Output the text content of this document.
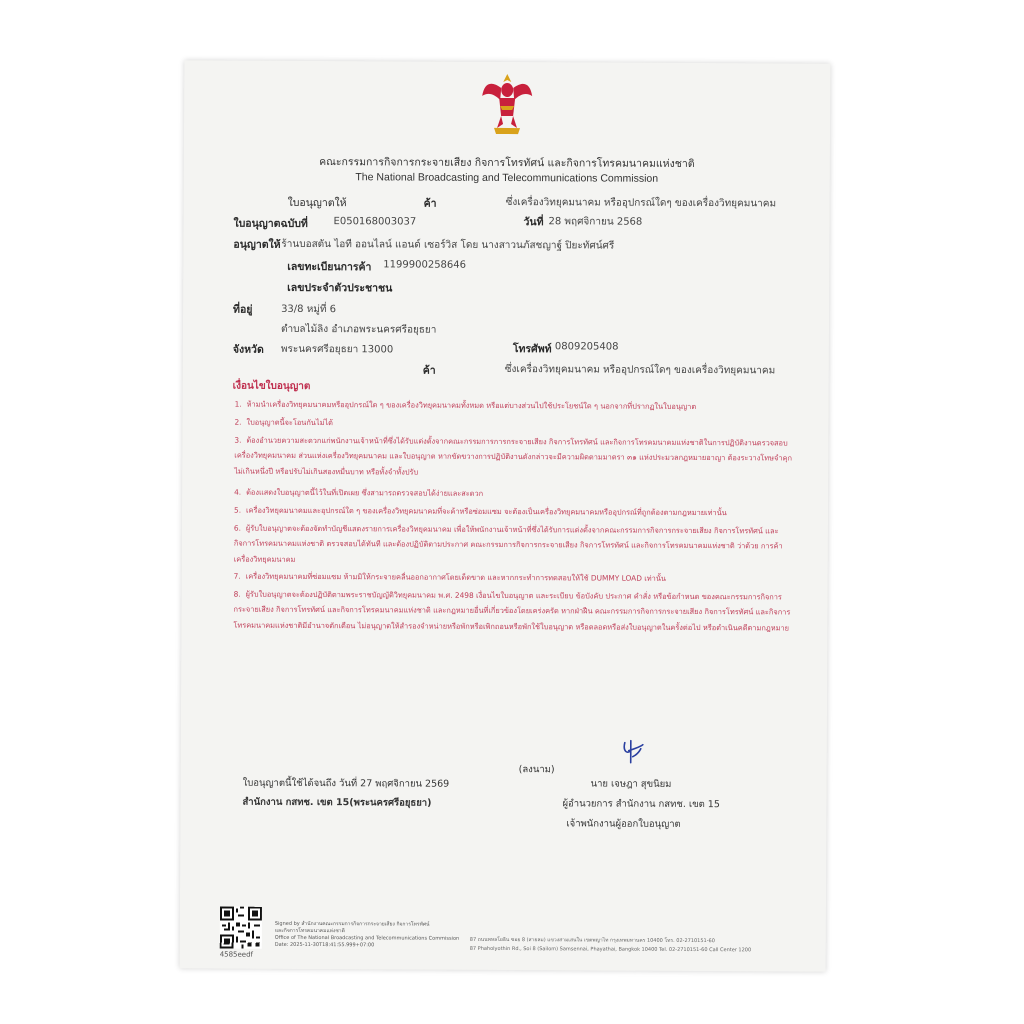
คณะกรรมการกิจการกระจายเสียง กิจการโทรทัศน์ และกิจการโทรคมนาคมแห่งชาติ
The National Broadcasting and Telecommunications Commission
ใบอนุญาตให้	ค้า	ซึ่งเครื่องวิทยุคมนาคม หรืออุปกรณ์ใดๆ ของเครื่องวิทยุคมนาคม
ใบอนุญาตฉบับที่	E050168003037	วันที่ 28 พฤศจิกายน 2568
อนุญาตให้ ร้านบอสตัน ไอที ออนไลน์ แอนด์ เซอร์วิส โดย นางสาวนภัสชญาฐ์ ปิยะทัศน์ศรี
เลขทะเบียนการค้า 1199900258646
เลขประจำตัวประชาชน
ที่อยู่	33/8 หมู่ที่ 6
ตำบลไม้ลิง อำเภอพระนครศรีอยุธยา
จังหวัด พระนครศรีอยุธยา 13000	โทรศัพท์ 0809205408
ค้า	ซึ่งเครื่องวิทยุคมนาคม หรืออุปกรณ์ใดๆ ของเครื่องวิทยุคมนาคม
เงื่อนไขใบอนุญาต
1. ห้ามนำเครื่องวิทยุคมนาคมหรืออุปกรณ์ใด ๆ ของเครื่องวิทยุคมนาคมทั้งหมด หรือแต่บางส่วนไปใช้ประโยชน์ใด ๆ นอกจากที่ปรากฏในใบอนุญาต
2. ใบอนุญาตนี้จะโอนกันไม่ได้
3. ต้องอำนวยความสะดวกแก่พนักงานเจ้าหน้าที่ซึ่งได้รับแต่งตั้งจากคณะกรรมการการกระจายเสียง กิจการโทรทัศน์ และกิจการโทรคมนาคมแห่งชาติในการปฏิบัติงานตรวจสอบเครื่องวิทยุคมนาคม ส่วนแห่งเครื่องวิทยุคมนาคม และใบอนุญาต หากขัดขวางการปฏิบัติงานดังกล่าวจะมีความผิดตามมาตรา ๓๑ แห่งประมวลกฎหมายอาญา ต้องระวางโทษจำคุกไม่เกินหนึ่งปี หรือปรับไม่เกินสองหมื่นบาท หรือทั้งจำทั้งปรับ
4. ต้องแสดงใบอนุญาตนี้ไว้ในที่เปิดเผย ซึ่งสามารถตรวจสอบได้ง่ายและสะดวก
5. เครื่องวิทยุคมนาคมและอุปกรณ์ใด ๆ ของเครื่องวิทยุคมนาคมที่จะค้าหรือซ่อมแซม จะต้องเป็นเครื่องวิทยุคมนาคมหรืออุปกรณ์ที่ถูกต้องตามกฎหมายเท่านั้น
6. ผู้รับใบอนุญาตจะต้องจัดทำบัญชีแสดงรายการเครื่องวิทยุคมนาคม เพื่อให้พนักงานเจ้าหน้าที่ซึ่งได้รับการแต่งตั้งจากคณะกรรมการกิจการกระจายเสียง กิจการโทรทัศน์ และกิจการโทรคมนาคมแห่งชาติ ตรวจสอบได้ทันที และต้องปฏิบัติตามประกาศ คณะกรรมการกิจการกระจายเสียง กิจการโทรทัศน์ และกิจการโทรคมนาคมแห่งชาติ ว่าด้วย การค้าเครื่องวิทยุคมนาคม
7. เครื่องวิทยุคมนาคมที่ซ่อมแซม ห้ามมิให้กระจายคลื่นออกอากาศโดยเด็ดขาด และหากกระทำการทดสอบให้ใช้ DUMMY LOAD เท่านั้น
8. ผู้รับใบอนุญาตจะต้องปฏิบัติตามพระราชบัญญัติวิทยุคมนาคม พ.ศ. 2498 เงื่อนไขใบอนุญาต และระเบียบ ข้อบังคับ ประกาศ คำสั่ง หรือข้อกำหนด ของคณะกรรมการกิจการกระจายเสียง กิจการโทรทัศน์ และกิจการโทรคมนาคมแห่งชาติ และกฎหมายอื่นที่เกี่ยวข้องโดยเคร่งครัด หากฝ่าฝืน คณะกรรมการกิจการกระจายเสียง กิจการโทรทัศน์ และกิจการโทรคมนาคมแห่งชาติมีอำนาจตักเตือน ไม่อนุญาตให้สำรองจำหน่ายหรือพักหรือเพิกถอนหรือพักใช้ใบอนุญาต หรือตลอดหรือส่งใบอนุญาตในครั้งต่อไป หรือดำเนินคดีตามกฎหมาย
(ลงนาม)
ใบอนุญาตนี้ใช้ได้จนถึง วันที่ 27 พฤศจิกายน 2569
สำนักงาน กสทช. เขต 15(พระนครศรีอยุธยา)
นาย เจษฎา สุขนิยม
ผู้อำนวยการ สำนักงาน กสทช. เขต 15
เจ้าพนักงานผู้ออกใบอนุญาต
4585eedf
Signed by สำนักงานคณะกรรมการกิจการกระจายเสียง กิจการโทรทัศน์
และกิจการโทรคมนาคมแห่งชาติ
Office of The National Broadcasting and Telecommunications Commission
Date: 2025-11-30T18:41:55.999+07:00
87 ถนนพหลโยธิน ซอย 8 (สายลม) แขวงสามเสนใน เขตพญาไท กรุงเทพมหานคร 10400 โทร. 02-2710151-60
87 Phaholyothin Rd., Soi 8 (Sailom) Samsennai, Phayathai, Bangkok 10400 Tel. 02-2710151-60 Call Center 1200
